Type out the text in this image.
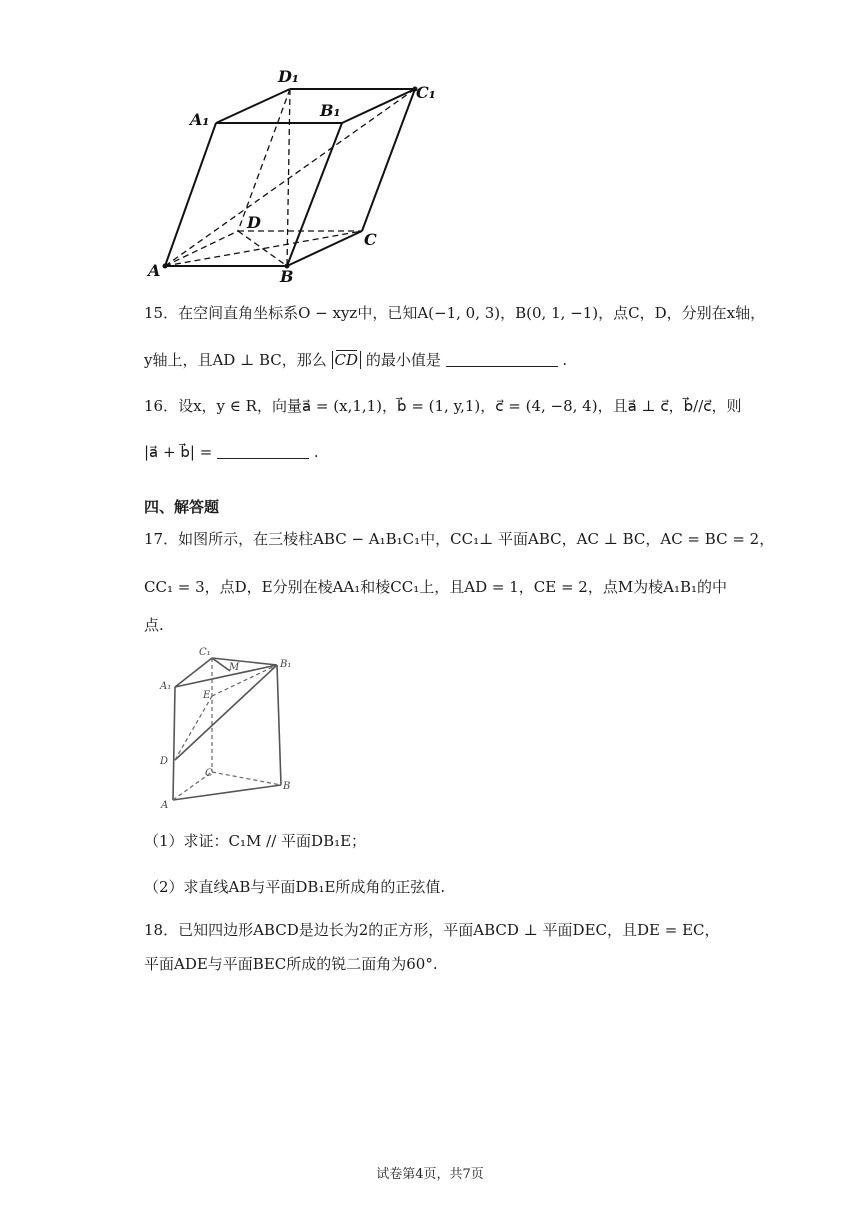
D₁
C₁
A₁	B₁
D
C
A	B
15．在空间直角坐标系O − xyz中，已知A(−1, 0, 3)，B(0, 1, −1)，点C，D，分别在x轴，
y轴上，且AD ⊥ BC，那么 CD 的最小值是	.
16．设x，y ∈ R，向量a⃗ = (x,1,1)，b⃗ = (1, y,1)，c⃗ = (4, −8, 4)，且a⃗ ⊥ c⃗，b⃗//c⃗，则
|a⃗ + b⃗| =	.
四、解答题
17．如图所示，在三棱柱ABC − A₁B₁C₁中，CC₁⊥ 平面ABC，AC ⊥ BC，AC = BC = 2，
CC₁ = 3，点D，E分别在棱AA₁和棱CC₁上，且AD = 1，CE = 2，点M为棱A₁B₁的中
点.
C₁
M	B₁
A₁
E
D
C
B
A
（1）求证：C₁M // 平面DB₁E；
（2）求直线AB与平面DB₁E所成角的正弦值.
18．已知四边形ABCD是边长为2的正方形，平面ABCD ⊥ 平面DEC，且DE = EC，
平面ADE与平面BEC所成的锐二面角为60°.
试卷第4页，共7页
